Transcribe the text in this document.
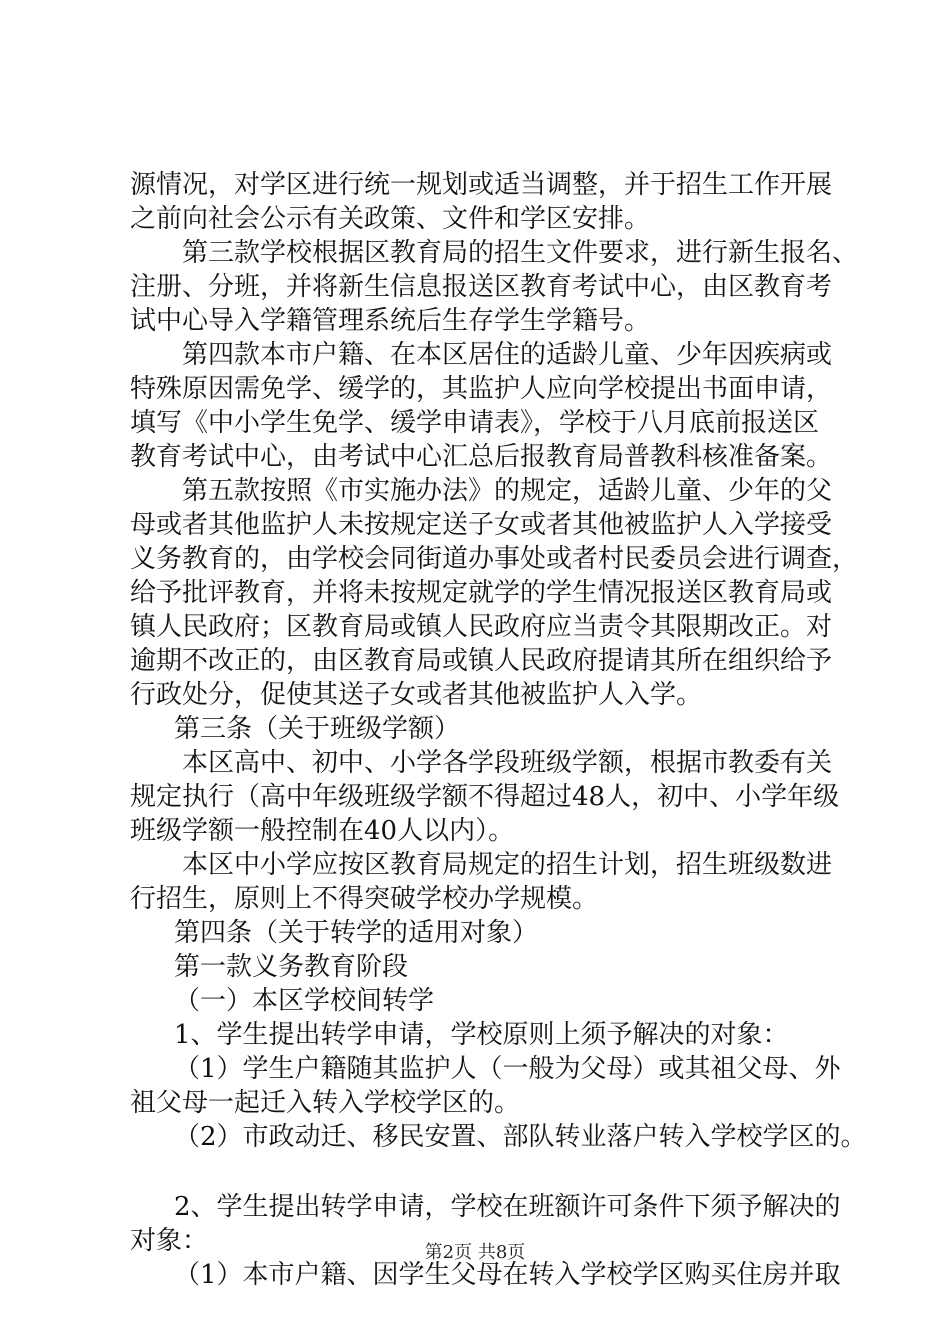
源情况，对学区进行统一规划或适当调整，并于招生工作开展
之前向社会公示有关政策、文件和学区安排。
第三款学校根据区教育局的招生文件要求，进行新生报名、
注册、分班，并将新生信息报送区教育考试中心，由区教育考
试中心导入学籍管理系统后生存学生学籍号。
第四款本市户籍、在本区居住的适龄儿童、少年因疾病或
特殊原因需免学、缓学的，其监护人应向学校提出书面申请，
填写《中小学生免学、缓学申请表》，学校于八月底前报送区
教育考试中心，由考试中心汇总后报教育局普教科核准备案。
第五款按照《市实施办法》的规定，适龄儿童、少年的父
母或者其他监护人未按规定送子女或者其他被监护人入学接受
义务教育的，由学校会同街道办事处或者村民委员会进行调查，
给予批评教育，并将未按规定就学的学生情况报送区教育局或
镇人民政府；区教育局或镇人民政府应当责令其限期改正。对
逾期不改正的，由区教育局或镇人民政府提请其所在组织给予
行政处分，促使其送子女或者其他被监护人入学。
第三条（关于班级学额）
本区高中、初中、小学各学段班级学额，根据市教委有关
规定执行（高中年级班级学额不得超过48人，初中、小学年级
班级学额一般控制在40人以内）。
本区中小学应按区教育局规定的招生计划，招生班级数进
行招生，原则上不得突破学校办学规模。
第四条（关于转学的适用对象）
第一款义务教育阶段
（一）本区学校间转学
1、学生提出转学申请，学校原则上须予解决的对象：
（1）学生户籍随其监护人（一般为父母）或其祖父母、外
祖父母一起迁入转入学校学区的。
（2）市政动迁、移民安置、部队转业落户转入学校学区的。
2、学生提出转学申请，学校在班额许可条件下须予解决的
对象：
（1）本市户籍、因学生父母在转入学校学区购买住房并取
第2页 共8页
